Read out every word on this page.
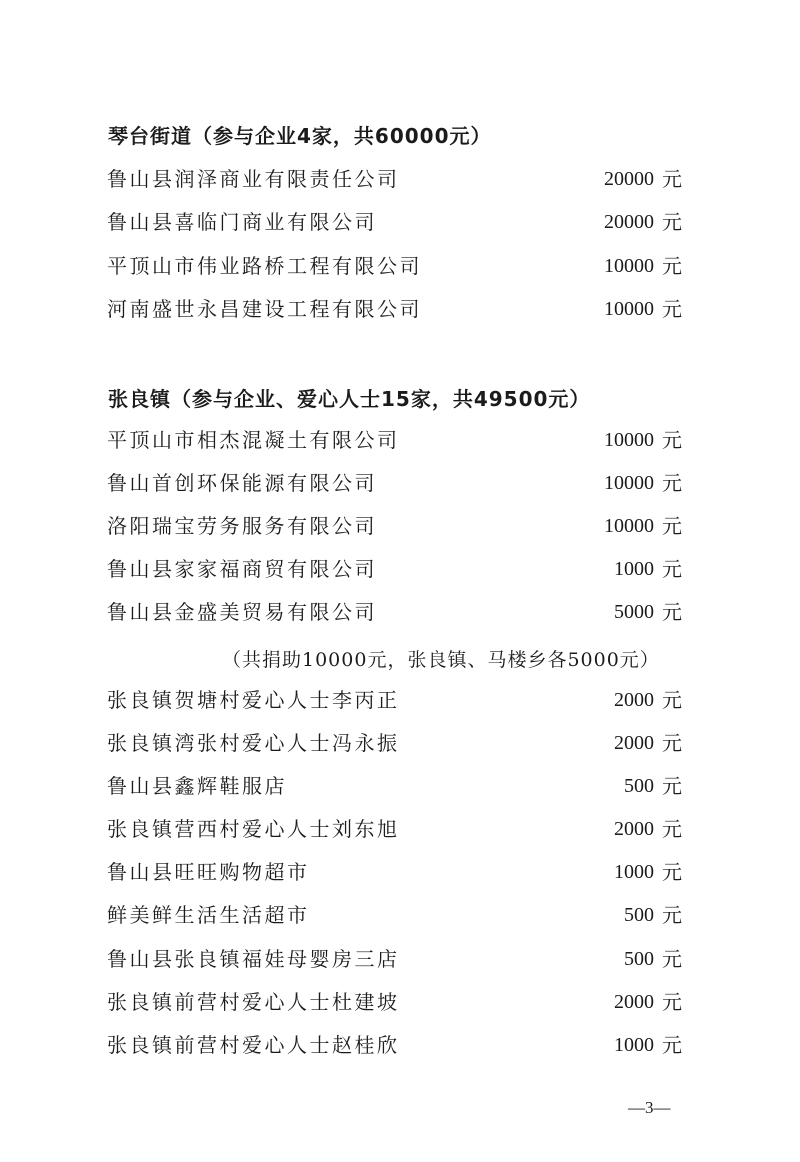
琴台街道（参与企业4家，共60000元）
鲁山县润泽商业有限责任公司	20000 元
鲁山县喜临门商业有限公司	20000 元
平顶山市伟业路桥工程有限公司	10000 元
河南盛世永昌建设工程有限公司	10000 元
张良镇（参与企业、爱心人士15家，共49500元）
平顶山市相杰混凝土有限公司	10000 元
鲁山首创环保能源有限公司	10000 元
洛阳瑞宝劳务服务有限公司	10000 元
鲁山县家家福商贸有限公司	1000 元
鲁山县金盛美贸易有限公司	5000 元
（共捐助10000元，张良镇、马楼乡各5000元）
张良镇贺塘村爱心人士李丙正	2000 元
张良镇湾张村爱心人士冯永振	2000 元
鲁山县鑫辉鞋服店	500 元
张良镇营西村爱心人士刘东旭	2000 元
鲁山县旺旺购物超市	1000 元
鲜美鲜生活生活超市	500 元
鲁山县张良镇福娃母婴房三店	500 元
张良镇前营村爱心人士杜建坡	2000 元
张良镇前营村爱心人士赵桂欣	1000 元
—3—
